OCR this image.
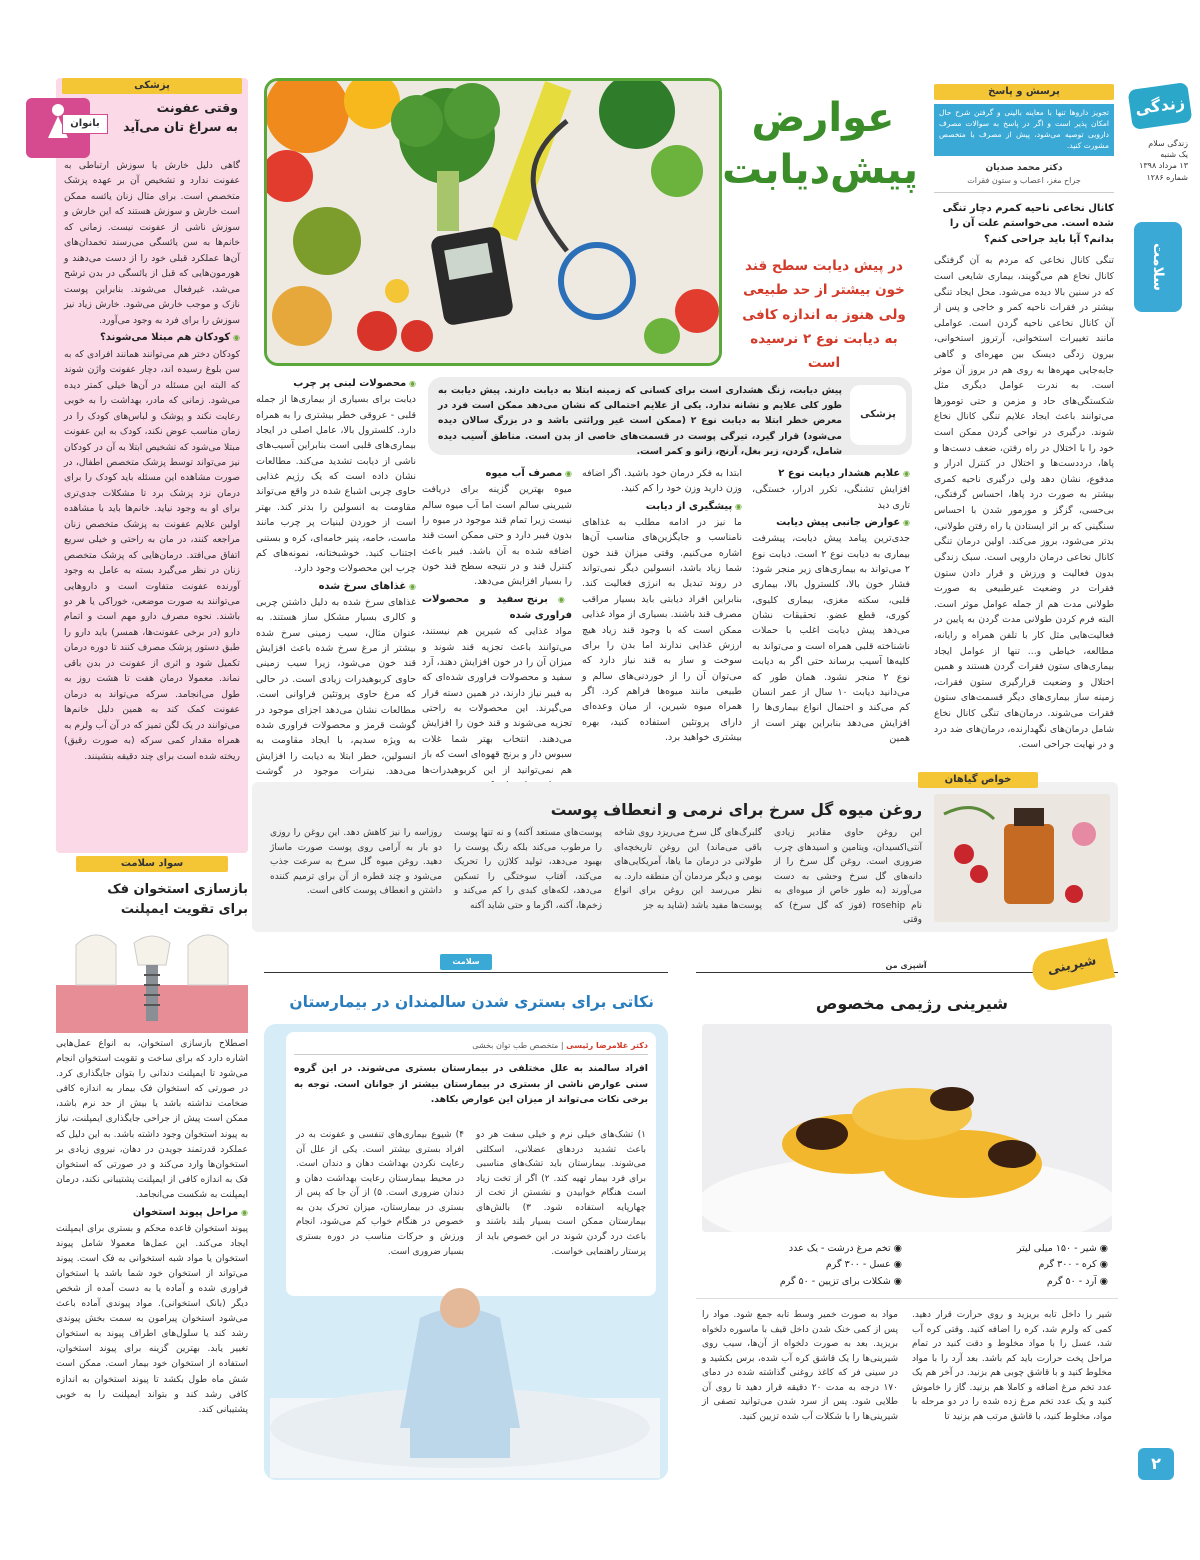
زندگی
زندگی سلام
یک شنبه
۱۳ مرداد ۱۳۹۸
شماره ۱۲۸۶
سلامت
۲
پرسش و پاسخ
تجویز داروها تنها با معاینه بالینی و گرفتن شرح حال امکان پذیر است و اگر در پاسخ به سوالات مصرف دارویی توصیه می‌شود، پیش از مصرف با متخصص مشورت کنید.
دکتر محمد صدیان
جراح مغز، اعصاب و ستون فقرات
کانال نخاعی ناحیه کمرم دچار تنگی شده است. می‌خواستم علت آن را بدانم؟ آیا باید جراحی کنم؟
تنگی کانال نخاعی که مردم به آن گرفتگی کانال نخاع هم می‌گویند، بیماری شایعی است که در سنین بالا دیده می‌شود. محل ایجاد تنگی بیشتر در فقرات ناحیه کمر و خاجی و پس از آن کانال نخاعی ناحیه گردن است. عواملی مانند تغییرات استخوانی، آرتروز استخوانی، بیرون زدگی دیسک بین مهره‌ای و گاهی جابه‌جایی مهره‌ها به روی هم در بروز آن موثر است. به ندرت عوامل دیگری مثل شکستگی‌های حاد و مزمن و حتی تومورها می‌توانند باعث ایجاد علایم تنگی کانال نخاع شوند. درگیری در نواحی گردن ممکن است خود را با اختلال در راه رفتن، ضعف دست‌ها و پاها، درددست‌ها و اختلال در کنترل ادرار و مدفوع، نشان دهد ولی درگیری ناحیه کمری بیشتر به صورت درد پاها، احساس گرفتگی، بی‌حسی، گزگز و مورمور شدن با احساس سنگینی که بر اثر ایستادن یا راه رفتن طولانی، بدتر می‌شود، بروز می‌کند. اولین درمان تنگی کانال نخاعی درمان دارویی است. سبک زندگی بدون فعالیت و ورزش و قرار دادن ستون فقرات در وضعیت غیرطبیعی به صورت طولانی مدت هم از جمله عوامل موثر است. البته فرم کردن طولانی مدت گردن به پایین در فعالیت‌هایی مثل کار با تلفن همراه و رایانه، مطالعه، خیاطی و... تنها از عوامل ایجاد بیماری‌های ستون فقرات گردن هستند و همین اختلال و وضعیت قرارگیری ستون فقرات، زمینه ساز بیماری‌های دیگر قسمت‌های ستون فقرات می‌شوند. درمان‌های تنگی کانال نخاع شامل درمان‌های نگهدارنده، درمان‌های ضد درد و در نهایت جراحی است.
عوارض
پیش‌دیابت
در پیش دیابت سطح قند خون بیشتر از حد طبیعی ولی هنوز به اندازه کافی به دیابت نوع ۲ نرسیده است
پزشکی
پیش دیابت، زنگ هشداری است برای کسانی که زمینه ابتلا به دیابت دارند. پیش دیابت به طور کلی علایم و نشانه ندارد. یکی از علایم احتمالی که نشان می‌دهد ممکن است فرد در معرض خطر ابتلا به دیابت نوع ۲ (ممکن است غیر وراثتی باشد و در بزرگ سالان دیده می‌شود) قرار گیرد، تیرگی پوست در قسمت‌های خاصی از بدن است. مناطق آسیب دیده شامل، گردن، زیر بغل، آرنج، زانو و کمر است.
◉ علایم هشدار دیابت نوع ۲

افزایش تشنگی، تکرر ادرار، خستگی، تاری دید

◉ عوارض جانبی پیش دیابت

جدی‌ترین پیامد پیش دیابت، پیشرفت بیماری به دیابت نوع ۲ است. دیابت نوع ۲ می‌تواند به بیماری‌های زیر منجر شود: فشار خون بالا، کلسترول بالا، بیماری قلبی، سکته مغزی، بیماری کلیوی، کوری، قطع عضو. تحقیقات نشان می‌دهد پیش دیابت اغلب با حملات ناشناخته قلبی همراه است و می‌تواند به کلیه‌ها آسیب برساند حتی اگر به دیابت نوع ۲ منجر نشود. همان طور که می‌دانید دیابت ۱۰ سال از عمر انسان کم می‌کند و احتمال انواع بیماری‌ها را افزایش می‌دهد بنابراین بهتر است از همین

ابتدا به فکر درمان خود باشید. اگر اضافه وزن دارید وزن خود را کم کنید.

◉ پیشگیری از دیابت

ما نیز در ادامه مطلب به غذاهای نامناسب و جایگزین‌های مناسب آن‌ها اشاره می‌کنیم. وقتی میزان قند خون شما زیاد باشد، انسولین دیگر نمی‌تواند در روند تبدیل به انرژی فعالیت کند. بنابراین افراد دیابتی باید بسیار مراقب مصرف قند باشند. بسیاری از مواد غذایی ممکن است که با وجود قند زیاد هیچ ارزش غذایی ندارند اما بدن را برای سوخت و ساز به قند نیاز دارد که می‌توان آن را از خوردنی‌های سالم و طبیعی مانند میوه‌ها فراهم کرد. اگر همراه میوه شیرین، از میان وعده‌ای دارای پروتئین استفاده کنید، بهره بیشتری خواهید برد.

◉ مصرف آب میوه

میوه بهترین گزینه برای دریافت شیرینی سالم است اما آب میوه سالم نیست زیرا تمام قند موجود در میوه را بدون فیبر دارد و حتی ممکن است قند اضافه شده به آن باشد. فیبر باعث کنترل قند و در نتیجه سطح قند خون را بسیار افزایش می‌دهد.

◉ برنج سفید و محصولات فراوری شده

مواد غذایی که شیرین هم نیستند، می‌توانند باعث تجزیه قند شوند و میزان آن را در خون افزایش دهند، آرد سفید و محصولات فراوری شده‌ای که به فیبر نیاز دارند، در همین دسته قرار می‌گیرند. این محصولات به راحتی تجزیه می‌شوند و قند خون را افزایش می‌دهند. انتخاب بهتر شما غلات سبوس دار و برنج قهوه‌ای است که باز هم نمی‌توانید از این کربوهیدرات‌ها

◉ محصولات لبنی پر چرب

دیابت برای بسیاری از بیماری‌ها از جمله قلبی - عروقی خطر بیشتری را به همراه دارد. کلسترول بالا، عامل اصلی در ایجاد بیماری‌های قلبی است بنابراین آسیب‌های ناشی از دیابت تشدید می‌کند. مطالعات نشان داده است که یک رژیم غذایی حاوی چربی اشباع شده در واقع می‌تواند مقاومت به انسولین را بدتر کند. بهتر است از خوردن لبنیات پر چرب مانند ماست، خامه، پنیر خامه‌ای، کره و بستنی اجتناب کنید. خوشبختانه، نمونه‌های کم چرب این محصولات وجود دارد.

◉ غذاهای سرخ شده

غذاهای سرخ شده به دلیل داشتن چربی و کالری بسیار مشکل ساز هستند. به عنوان مثال، سیب زمینی سرخ شده بیشتر از مرغ سرخ شده باعث افزایش قند خون می‌شود، زیرا سیب زمینی حاوی کربوهیدرات زیادی است. در حالی که مرغ حاوی پروتئین فراوانی است. مطالعات نشان می‌دهد اجزای موجود در گوشت قرمز و محصولات فراوری شده به ویژه سدیم، با ایجاد مقاومت به انسولین، خطر ابتلا به دیابت را افزایش می‌دهد. نیترات موجود در گوشت

پزشکی
بانوان
وقتی عفونت
به سراغ تان می‌آید

گاهی دلیل خارش یا سوزش ارتباطی به عفونت ندارد و تشخیص آن بر عهده پزشک متخصص است. برای مثال زنان یائسه ممکن است خارش و سوزش هستند که این خارش و سوزش ناشی از عفونت نیست. زمانی که خانم‌ها به سن یائسگی می‌رسند تخمدان‌های آن‌ها عملکرد قبلی خود را از دست می‌دهند و هورمون‌هایی که قبل از یائسگی در بدن ترشح می‌شد، غیرفعال می‌شوند. بنابراین پوست نازک و موجب خارش می‌شود. خارش زیاد نیز سوزش را برای فرد به وجود می‌آورد.

◉ کودکان هم مبتلا می‌شوند؟

کودکان دختر هم می‌توانند همانند افرادی که به سن بلوغ رسیده اند، دچار عفونت واژن شوند که البته این مسئله در آن‌ها خیلی کمتر دیده می‌شود. زمانی که مادر، بهداشت را به خوبی رعایت نکند و پوشک و لباس‌های کودک را در زمان مناسب عوض نکند، کودک به این عفونت مبتلا می‌شود که تشخیص ابتلا به آن در کودکان نیز می‌تواند توسط پزشک متخصص اطفال، در صورت مشاهده این مسئله باید کودک را برای درمان نزد پزشک برد تا مشکلات جدی‌تری برای او به وجود نیاید. خانم‌ها باید با مشاهده اولین علایم عفونت به پزشک متخصص زنان مراجعه کنند، در مان به راحتی و خیلی سریع اتفاق می‌افتد. درمان‌هایی که پزشک متخصص زنان در نظر می‌گیرد بسته به عامل به وجود آورنده عفونت متفاوت است و داروهایی می‌توانند به صورت موضعی، خوراکی یا هر دو باشند. نحوه مصرف دارو مهم است و اتمام دارو (در برخی عفونت‌ها، همسر) باید دارو را طبق دستور پزشک مصرف کنند تا دوره درمان تکمیل شود و اثری از عفونت در بدن باقی نماند. معمولا درمان هفت تا هشت روز به طول می‌انجامد. سرکه می‌تواند به درمان عفونت کمک کند به همین دلیل خانم‌ها می‌توانند در یک لگن تمیز که در آن آب ولرم به همراه مقدار کمی سرکه (به صورت رقیق) ریخته شده است برای چند دقیقه بنشینند.

خواص گیاهان
روغن میوه گل سرخ برای نرمی و انعطاف پوست
این روغن حاوی مقادیر زیادی آنتی‌اکسیدان، ویتامین و اسیدهای چرب ضروری است. روغن گل سرخ را از دانه‌های گل سرخ وحشی به دست می‌آورند (به طور خاص از میوه‌ای به نام rosehip (فوز که گل سرخ) که وقتی
گلبرگ‌های گل سرخ می‌ریزد روی شاخه باقی می‌ماند) این روغن تاریخچه‌ای طولانی در درمان ما یاها، آمریکایی‌های بومی و دیگر مردمان آن منطقه دارد. به نظر می‌رسد این روغن برای انواع پوست‌ها مفید باشد (شاید به جز
پوست‌های مستعد آکنه) و نه تنها پوست را مرطوب می‌کند بلکه رنگ پوست را بهبود می‌دهد، تولید کلاژن را تحریک می‌کند، آفتاب سوختگی را تسکین می‌دهد، لکه‌های کبدی را کم می‌کند و زخم‌ها، آکنه، اگزما و حتی شاید آکنه
روزاسه را نیز کاهش دهد. این روغن را روزی دو بار به آرامی روی پوست صورت ماساژ دهید. روغن میوه گل سرخ به سرعت جذب می‌شود و چند قطره از آن برای ترمیم کننده داشتن و انعطاف پوست کافی است.
سواد سلامت
بازسازی استخوان فک
برای تقویت ایمپلنت

اصطلاح بازسازی استخوان، به انواع عمل‌هایی اشاره دارد که برای ساخت و تقویت استخوان انجام می‌شود تا ایمپلنت دندانی را بتوان جایگذاری کرد. در صورتی که استخوان فک بیمار به اندازه کافی ضخامت نداشته باشد یا بیش از حد نرم باشد، ممکن است پیش از جراحی جایگذاری ایمپلنت، نیاز به پیوند استخوان وجود داشته باشد. به این دلیل که عملکرد قدرتمند جویدن در دهان، نیروی زیادی بر استخوان‌ها وارد می‌کند و در صورتی که استخوان فک به اندازه کافی از ایمپلنت پشتیبانی نکند، درمان ایمپلنت به شکست می‌انجامد.

◉ مراحل پیوند استخوان

پیوند استخوان قاعده محکم و بستری برای ایمپلنت ایجاد می‌کند. این عمل‌ها معمولا شامل پیوند استخوان یا مواد شبه استخوانی به فک است. پیوند می‌تواند از استخوان خود شما باشد یا استخوان فراوری شده و آماده یا به دست آمده از شخص دیگر (بانک استخوانی). مواد پیوندی آماده باعث می‌شود استخوان پیرامون به سمت بخش پیوندی رشد کند یا سلول‌های اطراف پیوند به استخوان تغییر یابد. بهترین گزینه برای پیوند استخوان، استفاده از استخوان خود بیمار است. ممکن است شش ماه طول بکشد تا پیوند استخوان به اندازه کافی رشد کند و بتواند ایمپلنت را به خوبی پشتیبانی کند.

آشپزی من	شیرینی
شیرینی رژیمی مخصوص
◉ شیر - ۱۵۰ میلی لیتر
◉ کره - ۳۰۰ گرم
◉ آرد - ۵۰ گرم
◉ تخم مرغ درشت - یک عدد
◉ عسل - ۳۰۰ گرم
◉ شکلات برای تزیین - ۵۰ گرم
شیر را داخل تابه بریزید و روی حرارت قرار دهید. کمی که ولرم شد، کره را اضافه کنید. وقتی کره آب شد، عسل را با مواد مخلوط و دقت کنید در تمام مراحل پخت حرارت باید کم باشد. بعد آرد را با مواد مخلوط کنید و با قاشق چوبی هم بزنید. در آخر هم یک عدد تخم مرغ اضافه و کاملا هم بزنید. گاز را خاموش کنید و یک عدد تخم مرغ زده شده را در دو مرحله با مواد، مخلوط کنید، با قاشق مرتب هم بزنید تا
مواد به صورت خمیر وسط تابه جمع شود. مواد را پس از کمی خنک شدن داخل قیف با ماسوره دلخواه بریزید. بعد به صورت دلخواه از آن‌ها، سیب روی شیرینی‌ها را یک قاشق کره آب شده، برس بکشید و در سینی فر که کاغذ روغنی گذاشته شده در دمای ۱۷۰ درجه به مدت ۲۰ دقیقه قرار دهید تا روی آن طلایی شود. پس از سرد شدن می‌توانید تصفی از شیرینی‌ها را با شکلات آب شده تزیین کنید.
سلامت
نکاتی برای بستری شدن سالمندان در بیمارستان
دکتر غلامرضا رئیسی | متخصص طب توان بخشی
افراد سالمند به علل مختلفی در بیمارستان بستری می‌شوند. در این گروه سنی عوارض ناشی از بستری در بیمارستان بیشتر از جوانان است. توجه به برخی نکات می‌تواند از میزان این عوارض بکاهد.
۱) تشک‌های خیلی نرم و خیلی سفت هر دو باعث تشدید درد‌های عضلانی، اسکلتی می‌شوند. بیمارستان باید تشک‌های مناسبی برای فرد بیمار تهیه کند. ۲) اگر از تخت زیاد است هنگام خوابیدن و نشستن از تخت از چهارپایه استفاده شود. ۳) بالش‌های بیمارستان ممکن است بسیار بلند باشند و باعث درد گردن شوند در این خصوص باید از پرستار راهنمایی خواست.
۴) شیوع بیماری‌های تنفسی و عفونت به در افراد بستری بیشتر است. یکی از علل آن رعایت نکردن بهداشت دهان و دندان است. در محیط بیمارستان رعایت بهداشت دهان و دندان ضروری است. ۵) از آن جا که پس از بستری در بیمارستان، میزان تحرک بدن به خصوص در هنگام خواب کم می‌شود، انجام ورزش و حرکات مناسب در دوره بستری بسیار ضروری است.
